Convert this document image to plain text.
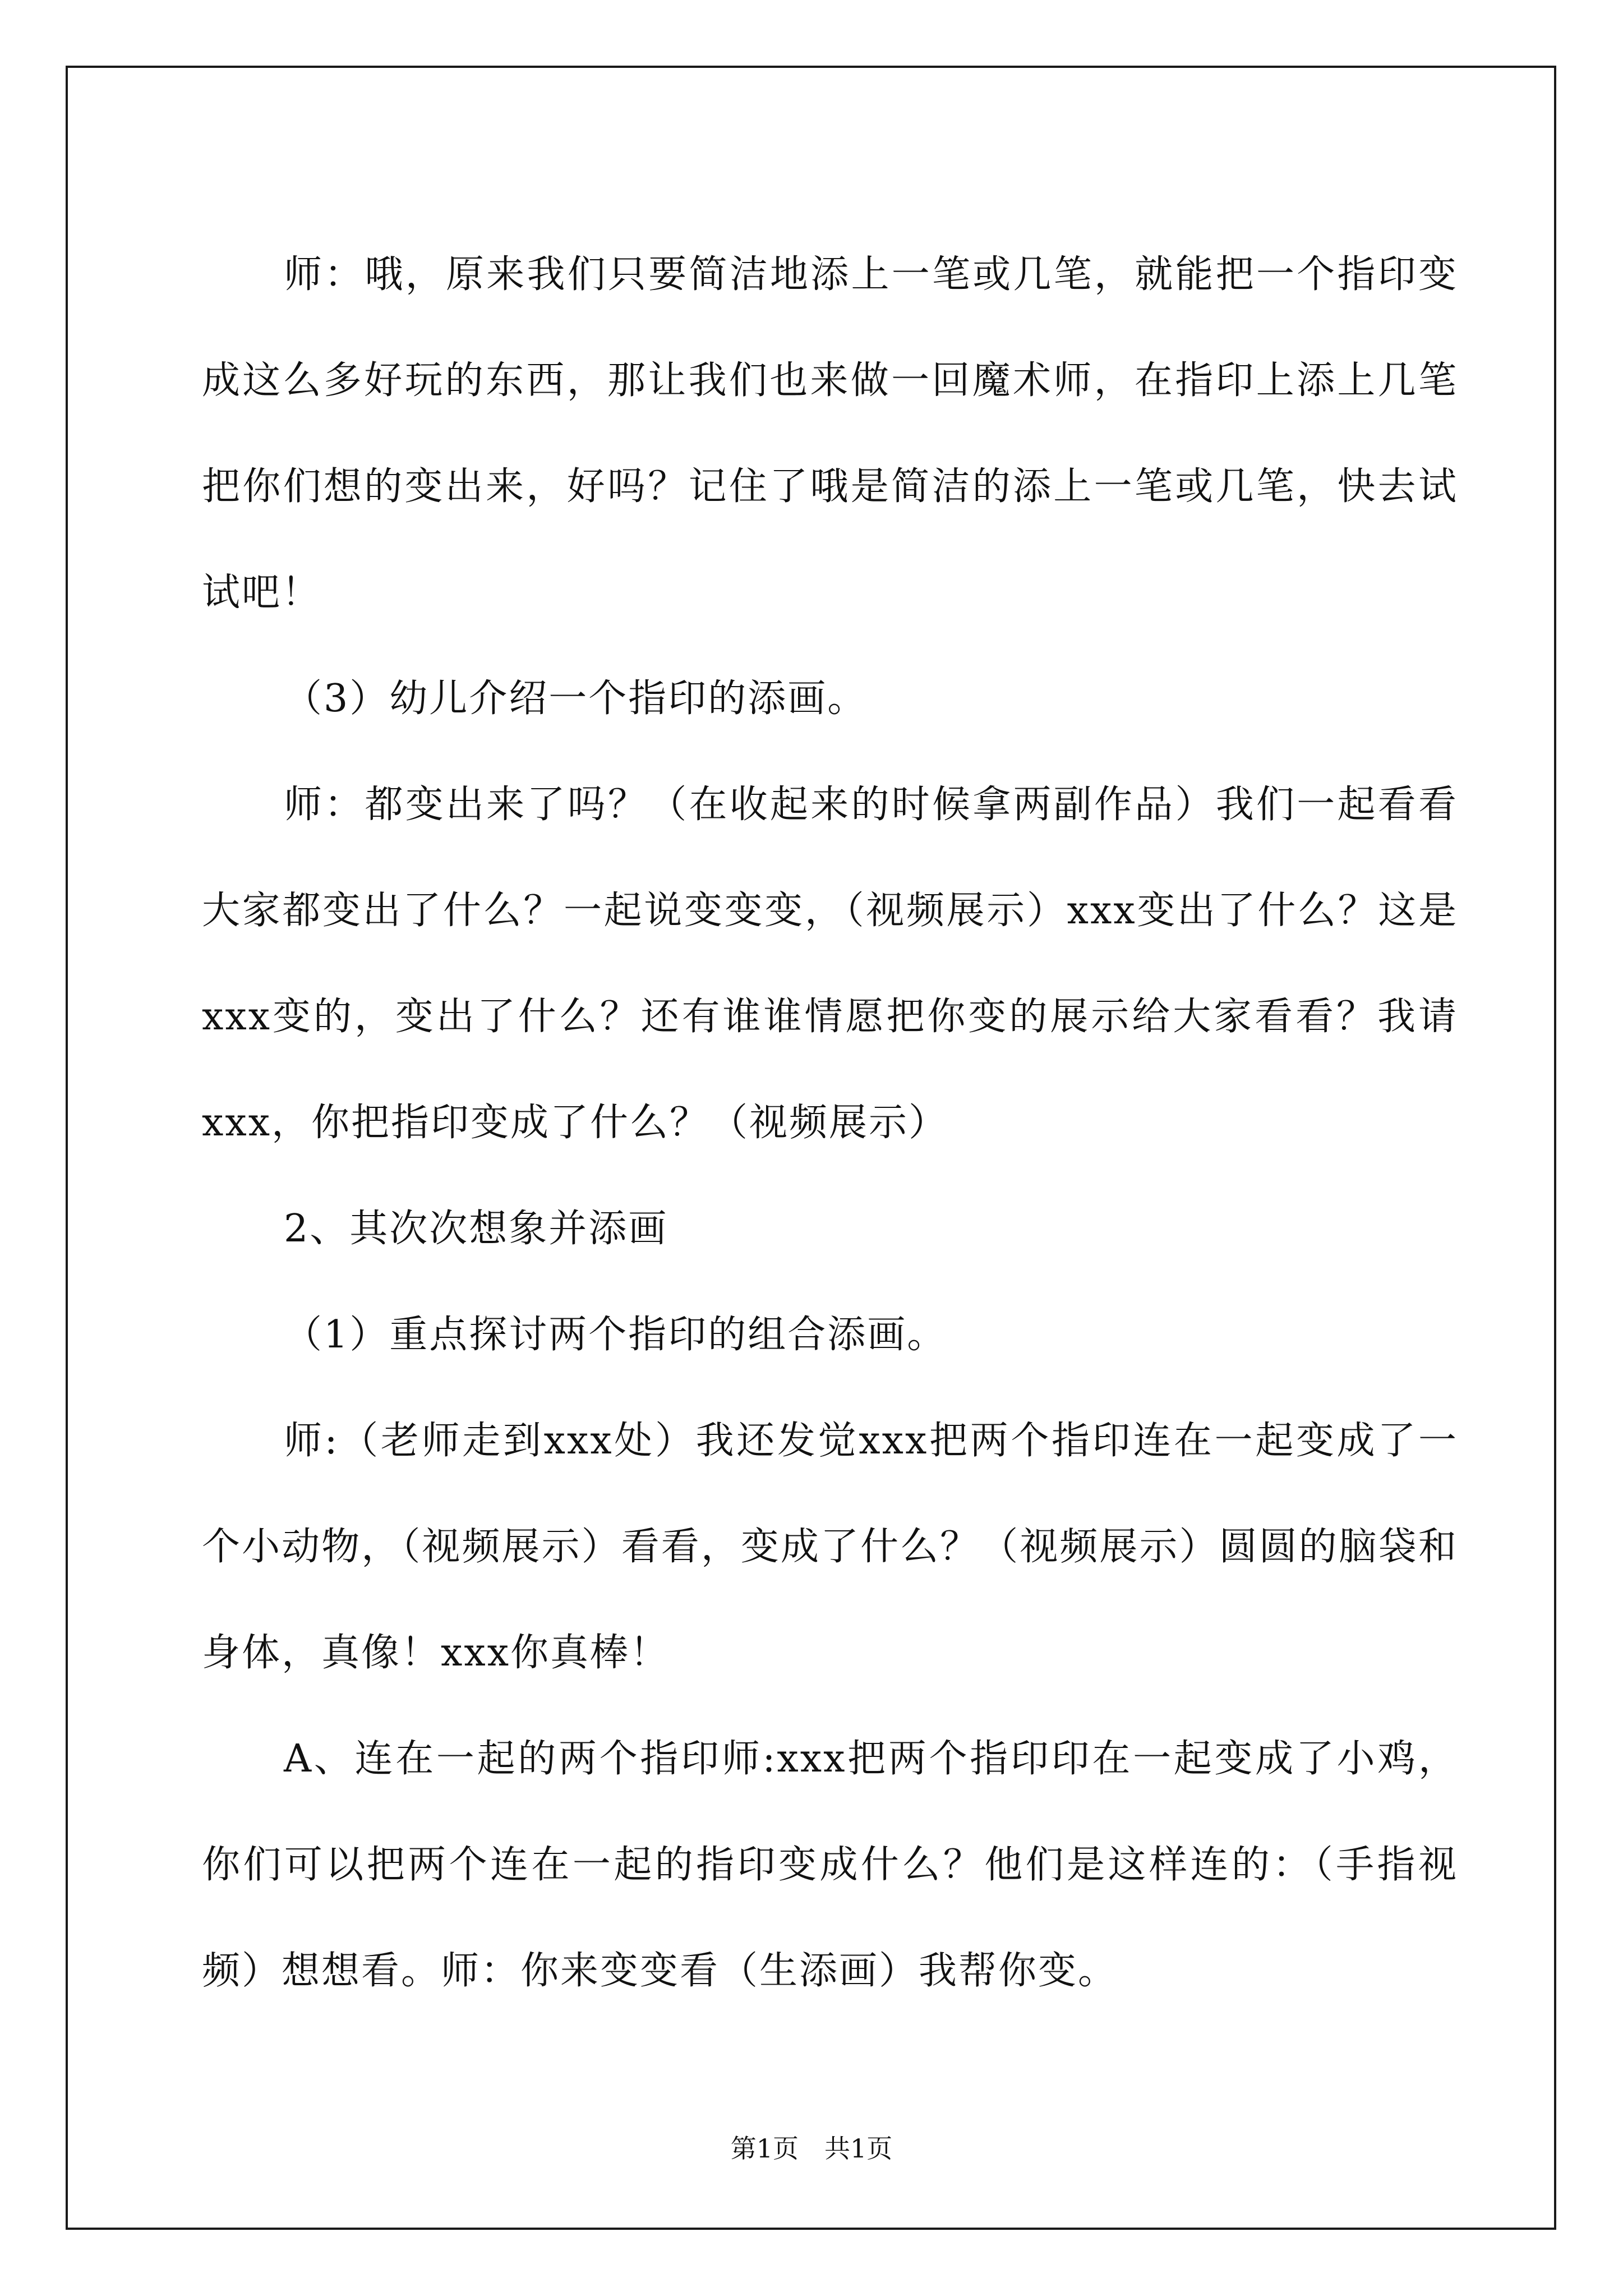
师：哦，原来我们只要简洁地添上一笔或几笔，就能把一个指印变成这么多好玩的东西，那让我们也来做一回魔术师，在指印上添上几笔把你们想的变出来，好吗？记住了哦是简洁的添上一笔或几笔，快去试试吧！

（3）幼儿介绍一个指印的添画。

师：都变出来了吗？（在收起来的时候拿两副作品）我们一起看看大家都变出了什么？一起说变变变，（视频展示）xxx变出了什么？这是xxx变的，变出了什么？还有谁谁情愿把你变的展示给大家看看？我请xxx，你把指印变成了什么？（视频展示）

2、其次次想象并添画

（1）重点探讨两个指印的组合添画。

师:（老师走到xxx处）我还发觉xxx把两个指印连在一起变成了一个小动物，（视频展示）看看，变成了什么？（视频展示）圆圆的脑袋和身体，真像！xxx你真棒！

A、连在一起的两个指印师:xxx把两个指印印在一起变成了小鸡，你们可以把两个连在一起的指印变成什么？他们是这样连的：（手指视频）想想看。师：你来变变看（生添画）我帮你变。

第1页　共1页
